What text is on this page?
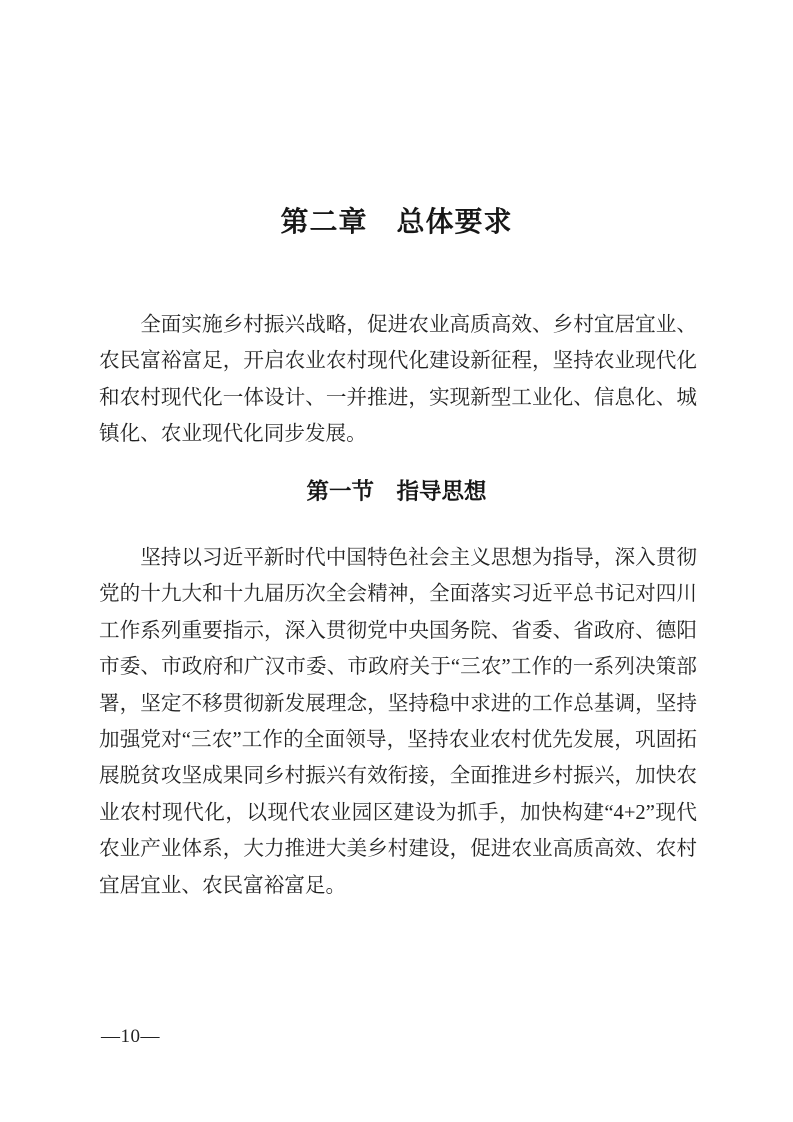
第二章　总体要求

全面实施乡村振兴战略，促进农业高质高效、乡村宜居宜业、农民富裕富足，开启农业农村现代化建设新征程，坚持农业现代化和农村现代化一体设计、一并推进，实现新型工业化、信息化、城镇化、农业现代化同步发展。

第一节　指导思想

坚持以习近平新时代中国特色社会主义思想为指导，深入贯彻党的十九大和十九届历次全会精神，全面落实习近平总书记对四川工作系列重要指示，深入贯彻党中央国务院、省委、省政府、德阳市委、市政府和广汉市委、市政府关于“三农”工作的一系列决策部署，坚定不移贯彻新发展理念，坚持稳中求进的工作总基调，坚持加强党对“三农”工作的全面领导，坚持农业农村优先发展，巩固拓展脱贫攻坚成果同乡村振兴有效衔接，全面推进乡村振兴，加快农业农村现代化，以现代农业园区建设为抓手，加快构建“4+2”现代农业产业体系，大力推进大美乡村建设，促进农业高质高效、农村宜居宜业、农民富裕富足。

—10—
